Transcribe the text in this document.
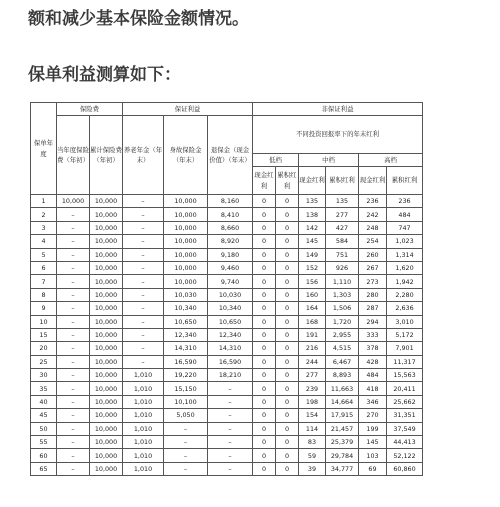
额和减少基本保险金额情况。
保单利益测算如下：
保单年度	保险费		保证利益			非保证利益					
	当年度保险费（年初）	累计保险费（年初）	养老年金（年末）	身故保险金（年末）	退保金（现金价值）（年末）	不同投资回报率下的年末红利					
						低档		中档		高档	
						现金红利	累积红利	现金红利	累积红利	现金红利	累积红利
1	10,000	10,000	–	10,000	8,160	0	0	135	135	236	236
2	–	10,000	–	10,000	8,410	0	0	138	277	242	484
3	–	10,000	–	10,000	8,660	0	0	142	427	248	747
4	–	10,000	–	10,000	8,920	0	0	145	584	254	1,023
5	–	10,000	–	10,000	9,180	0	0	149	751	260	1,314
6	–	10,000	–	10,000	9,460	0	0	152	926	267	1,620
7	–	10,000	–	10,000	9,740	0	0	156	1,110	273	1,942
8	–	10,000	–	10,030	10,030	0	0	160	1,303	280	2,280
9	–	10,000	–	10,340	10,340	0	0	164	1,506	287	2,636
10	–	10,000	–	10,650	10,650	0	0	168	1,720	294	3,010
15	–	10,000	–	12,340	12,340	0	0	191	2,955	333	5,172
20	–	10,000	–	14,310	14,310	0	0	216	4,515	378	7,901
25	–	10,000	–	16,590	16,590	0	0	244	6,467	428	11,317
30	–	10,000	1,010	19,220	18,210	0	0	277	8,893	484	15,563
35	–	10,000	1,010	15,150	–	0	0	239	11,663	418	20,411
40	–	10,000	1,010	10,100	–	0	0	198	14,664	346	25,662
45	–	10,000	1,010	5,050	–	0	0	154	17,915	270	31,351
50	–	10,000	1,010	–	–	0	0	114	21,457	199	37,549
55	–	10,000	1,010	–	–	0	0	83	25,379	145	44,413
60	–	10,000	1,010	–	–	0	0	59	29,784	103	52,122
65	–	10,000	1,010	–	–	0	0	39	34,777	69	60,860
